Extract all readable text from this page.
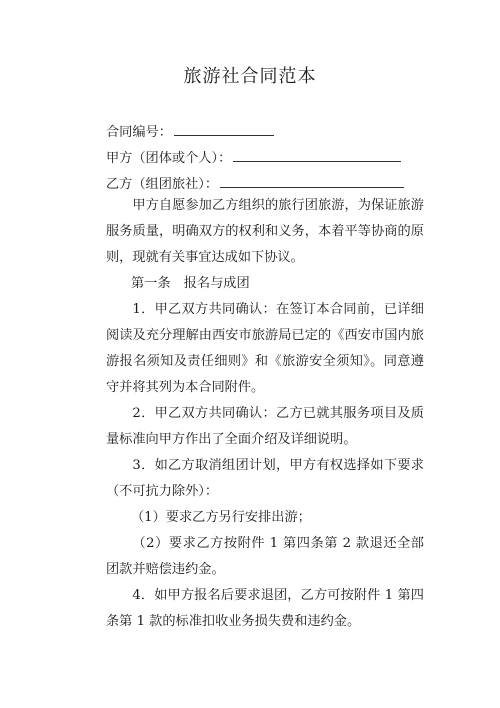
旅游社合同范本
合同编号：
甲方（团体或个人）：
乙方（组团旅社）：
甲方自愿参加乙方组织的旅行团旅游，为保证旅游服务质量，明确双方的权利和义务，本着平等协商的原则，现就有关事宜达成如下协议。
第一条　报名与成团
1．甲乙双方共同确认：在签订本合同前，已详细阅读及充分理解由西安市旅游局已定的《西安市国内旅游报名须知及责任细则》和《旅游安全须知》。同意遵守并将其列为本合同附件。
2．甲乙双方共同确认：乙方已就其服务项目及质量标准向甲方作出了全面介绍及详细说明。
3．如乙方取消组团计划，甲方有权选择如下要求（不可抗力除外）：
（1）要求乙方另行安排出游；
（2）要求乙方按附件 1 第四条第 2 款退还全部团款并赔偿违约金。
4．如甲方报名后要求退团，乙方可按附件 1 第四条第 1 款的标准扣收业务损失费和违约金。
